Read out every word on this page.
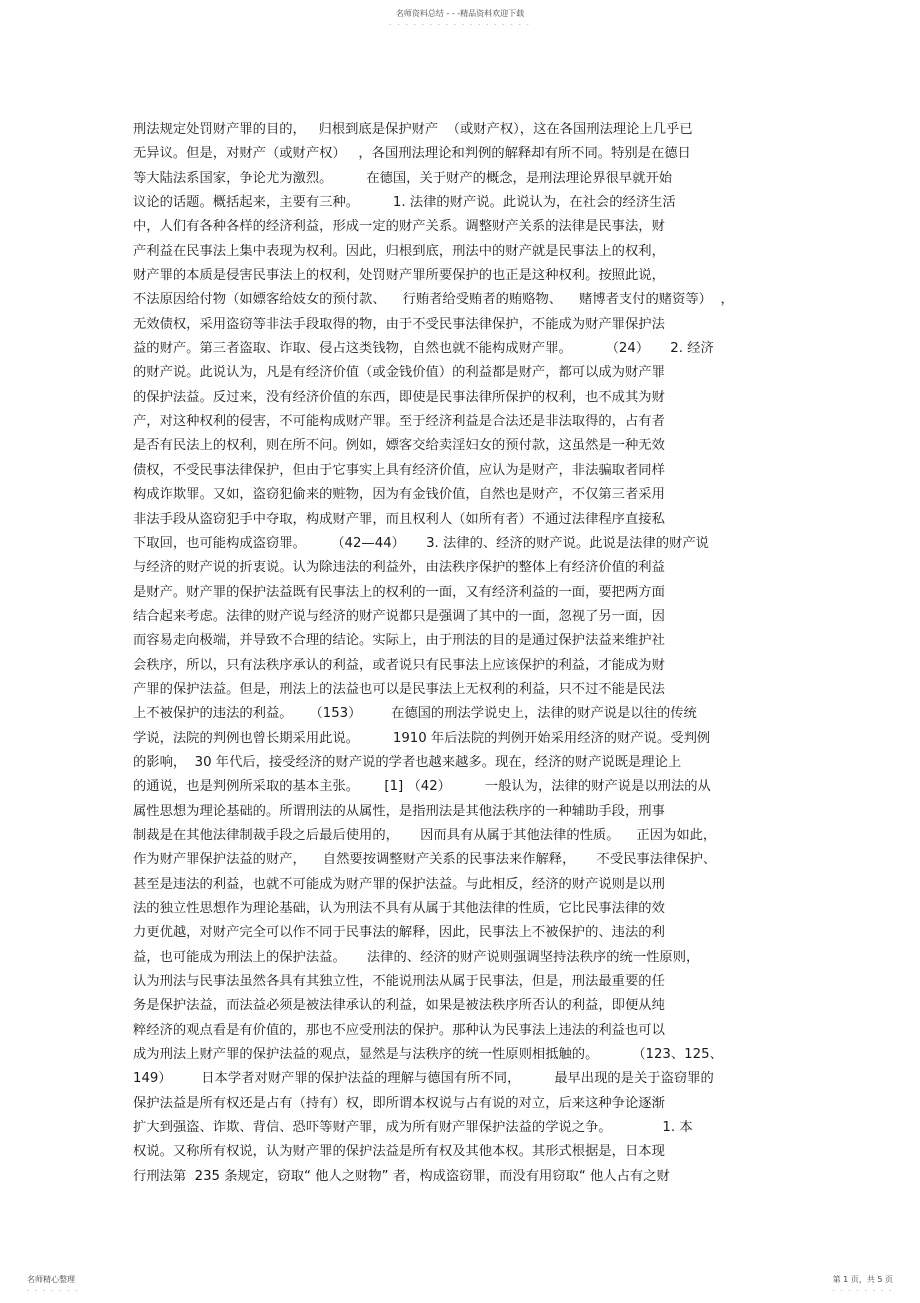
名师资料总结 - - -精品资料欢迎下载
- - - - - - - - - - - - - - - - - -
刑法规定处罚财产罪的目的，   归根到底是保护财产  （或财产权），这在各国刑法理论上几乎已
无异议。但是，对财产（或财产权）   ，各国刑法理论和判例的解释却有所不同。特别是在德日
等大陆法系国家，争论尤为激烈。        在德国，关于财产的概念，是刑法理论界很早就开始
议论的话题。概括起来，主要有三种。        1. 法律的财产说。此说认为，在社会的经济生活
中，人们有各种各样的经济利益，形成一定的财产关系。调整财产关系的法律是民事法，财
产利益在民事法上集中表现为权利。因此，归根到底，刑法中的财产就是民事法上的权利，
财产罪的本质是侵害民事法上的权利，处罚财产罪所要保护的也正是这种权利。按照此说，
不法原因给付物（如嫖客给妓女的预付款、    行贿者给受贿者的贿赂物、    赌博者支付的赌资等）  ，
无效债权，采用盗窃等非法手段取得的物，由于不受民事法律保护，不能成为财产罪保护法
益的财产。第三者盗取、诈取、侵占这类钱物，自然也就不能构成财产罪。        （24）     2. 经济
的财产说。此说认为，凡是有经济价值（或金钱价值）的利益都是财产，都可以成为财产罪
的保护法益。反过来，没有经济价值的东西，即使是民事法律所保护的权利，也不成其为财
产，对这种权利的侵害，不可能构成财产罪。至于经济利益是合法还是非法取得的，占有者
是否有民法上的权利，则在所不问。例如，嫖客交给卖淫妇女的预付款，这虽然是一种无效
债权，不受民事法律保护，但由于它事实上具有经济价值，应认为是财产，非法骗取者同样
构成诈欺罪。又如，盗窃犯偷来的赃物，因为有金钱价值，自然也是财产，不仅第三者采用
非法手段从盗窃犯手中夺取，构成财产罪，而且权利人（如所有者）不通过法律程序直接私
下取回，也可能构成盗窃罪。      （42—44）     3. 法律的、经济的财产说。此说是法律的财产说
与经济的财产说的折衷说。认为除违法的利益外，由法秩序保护的整体上有经济价值的利益
是财产。财产罪的保护法益既有民事法上的权利的一面，又有经济利益的一面，要把两方面
结合起来考虑。法律的财产说与经济的财产说都只是强调了其中的一面，忽视了另一面，因
而容易走向极端，并导致不合理的结论。实际上，由于刑法的目的是通过保护法益来维护社
会秩序，所以，只有法秩序承认的利益，或者说只有民事法上应该保护的利益，才能成为财
产罪的保护法益。但是，刑法上的法益也可以是民事法上无权利的利益，只不过不能是民法
上不被保护的违法的利益。    （153）       在德国的刑法学说史上，法律的财产说是以往的传统
学说，法院的判例也曾长期采用此说。        1910 年后法院的判例开始采用经济的财产说。受判例
的影响，  30 年代后，接受经济的财产说的学者也越来越多。现在，经济的财产说既是理论上
的通说，也是判例所采取的基本主张。      [1] （42）        一般认为，法律的财产说是以刑法的从
属性思想为理论基础的。所谓刑法的从属性，是指刑法是其他法秩序的一种辅助手段，刑事
制裁是在其他法律制裁手段之后最后使用的，     因而具有从属于其他法律的性质。    正因为如此，
作为财产罪保护法益的财产，    自然要按调整财产关系的民事法来作解释，     不受民事法律保护、
甚至是违法的利益，也就不可能成为财产罪的保护法益。与此相反，经济的财产说则是以刑
法的独立性思想作为理论基础，认为刑法不具有从属于其他法律的性质，它比民事法律的效
力更优越，对财产完全可以作不同于民事法的解释，因此，民事法上不被保护的、违法的利
益，也可能成为刑法上的保护法益。     法律的、经济的财产说则强调坚持法秩序的统一性原则，
认为刑法与民事法虽然各具有其独立性，不能说刑法从属于民事法，但是，刑法最重要的任
务是保护法益，而法益必须是被法律承认的利益，如果是被法秩序所否认的利益，即便从纯
粹经济的观点看是有价值的，那也不应受刑法的保护。那种认为民事法上违法的利益也可以
成为刑法上财产罪的保护法益的观点，显然是与法秩序的统一性原则相抵触的。        （123、125、
149）       日本学者对财产罪的保护法益的理解与德国有所不同，        最早出现的是关于盗窃罪的
保护法益是所有权还是占有（持有）权，即所谓本权说与占有说的对立，后来这种争论逐渐
扩大到强盗、诈欺、背信、恐吓等财产罪，成为所有财产罪保护法益的学说之争。            1. 本
权说。又称所有权说，认为财产罪的保护法益是所有权及其他本权。其形式根据是，日本现
行刑法第  235 条规定，窃取“ 他人之财物” 者，构成盗窃罪，而没有用窃取“ 他人占有之财
名师精心整理
- - - - - - -
第 1 页，共 5 页
- - - - - - - -
